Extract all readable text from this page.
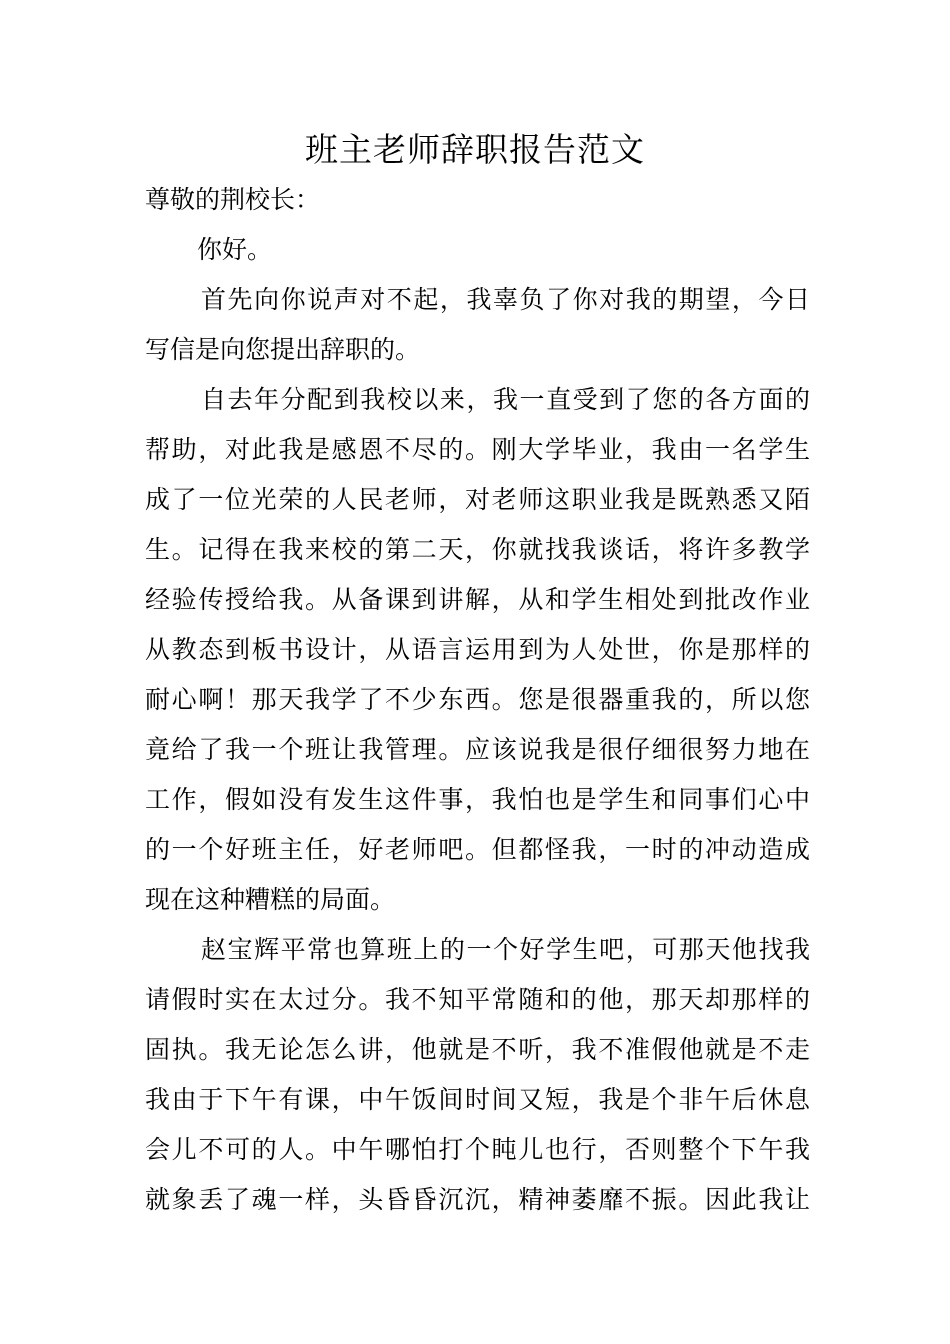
班主老师辞职报告范文
尊敬的荆校长：
你好。
首先向你说声对不起，我辜负了你对我的期望，今日
写信是向您提出辞职的。
自去年分配到我校以来，我一直受到了您的各方面的
帮助，对此我是感恩不尽的。刚大学毕业，我由一名学生
成了一位光荣的人民老师，对老师这职业我是既熟悉又陌
生。记得在我来校的第二天，你就找我谈话，将许多教学
经验传授给我。从备课到讲解，从和学生相处到批改作业
从教态到板书设计，从语言运用到为人处世，你是那样的
耐心啊！那天我学了不少东西。您是很器重我的，所以您
竟给了我一个班让我管理。应该说我是很仔细很努力地在
工作，假如没有发生这件事，我怕也是学生和同事们心中
的一个好班主任，好老师吧。但都怪我，一时的冲动造成
现在这种糟糕的局面。
赵宝辉平常也算班上的一个好学生吧，可那天他找我
请假时实在太过分。我不知平常随和的他，那天却那样的
固执。我无论怎么讲，他就是不听，我不准假他就是不走
我由于下午有课，中午饭间时间又短，我是个非午后休息
会儿不可的人。中午哪怕打个盹儿也行，否则整个下午我
就象丢了魂一样，头昏昏沉沉，精神萎靡不振。因此我让
